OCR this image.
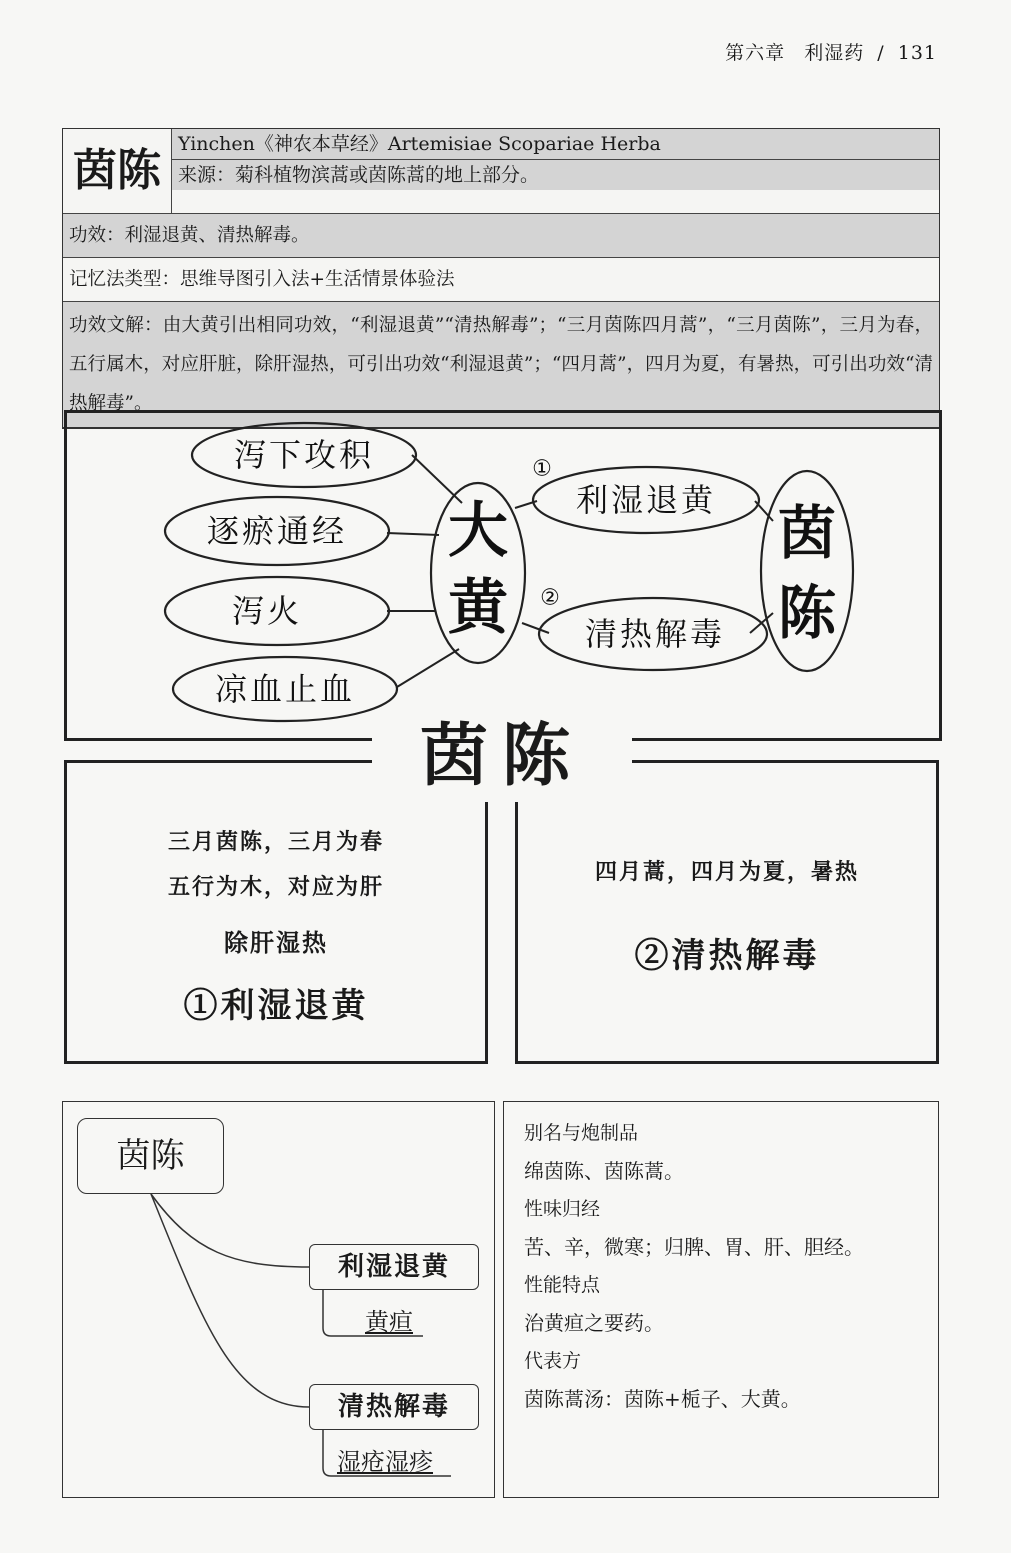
第六章 利湿药 / 131
茵陈
Yinchen《神农本草经》Artemisiae Scopariae Herba
来源：菊科植物滨蒿或茵陈蒿的地上部分。
功效：利湿退黄、清热解毒。
记忆法类型：思维导图引入法+生活情景体验法
功效文解：由大黄引出相同功效，“利湿退黄”“清热解毒”；“三月茵陈四月蒿”，“三月茵陈”，三月为春，五行属木，对应肝脏，除肝湿热，可引出功效“利湿退黄”；“四月蒿”，四月为夏，有暑热，可引出功效“清热解毒”。
泻下攻积
逐瘀通经
泻火
凉血止血
大
黄
①
利湿退黄
②
清热解毒
茵
陈
三月茵陈，三月为春
五行为木，对应为肝
除肝湿热
①利湿退黄
四月蒿，四月为夏，暑热
②清热解毒
茵陈
茵陈
利湿退黄
黄疸
清热解毒
湿疮湿疹
别名与炮制品
绵茵陈、茵陈蒿。
性味归经
苦、辛，微寒；归脾、胃、肝、胆经。
性能特点
治黄疸之要药。
代表方
茵陈蒿汤：茵陈+栀子、大黄。
